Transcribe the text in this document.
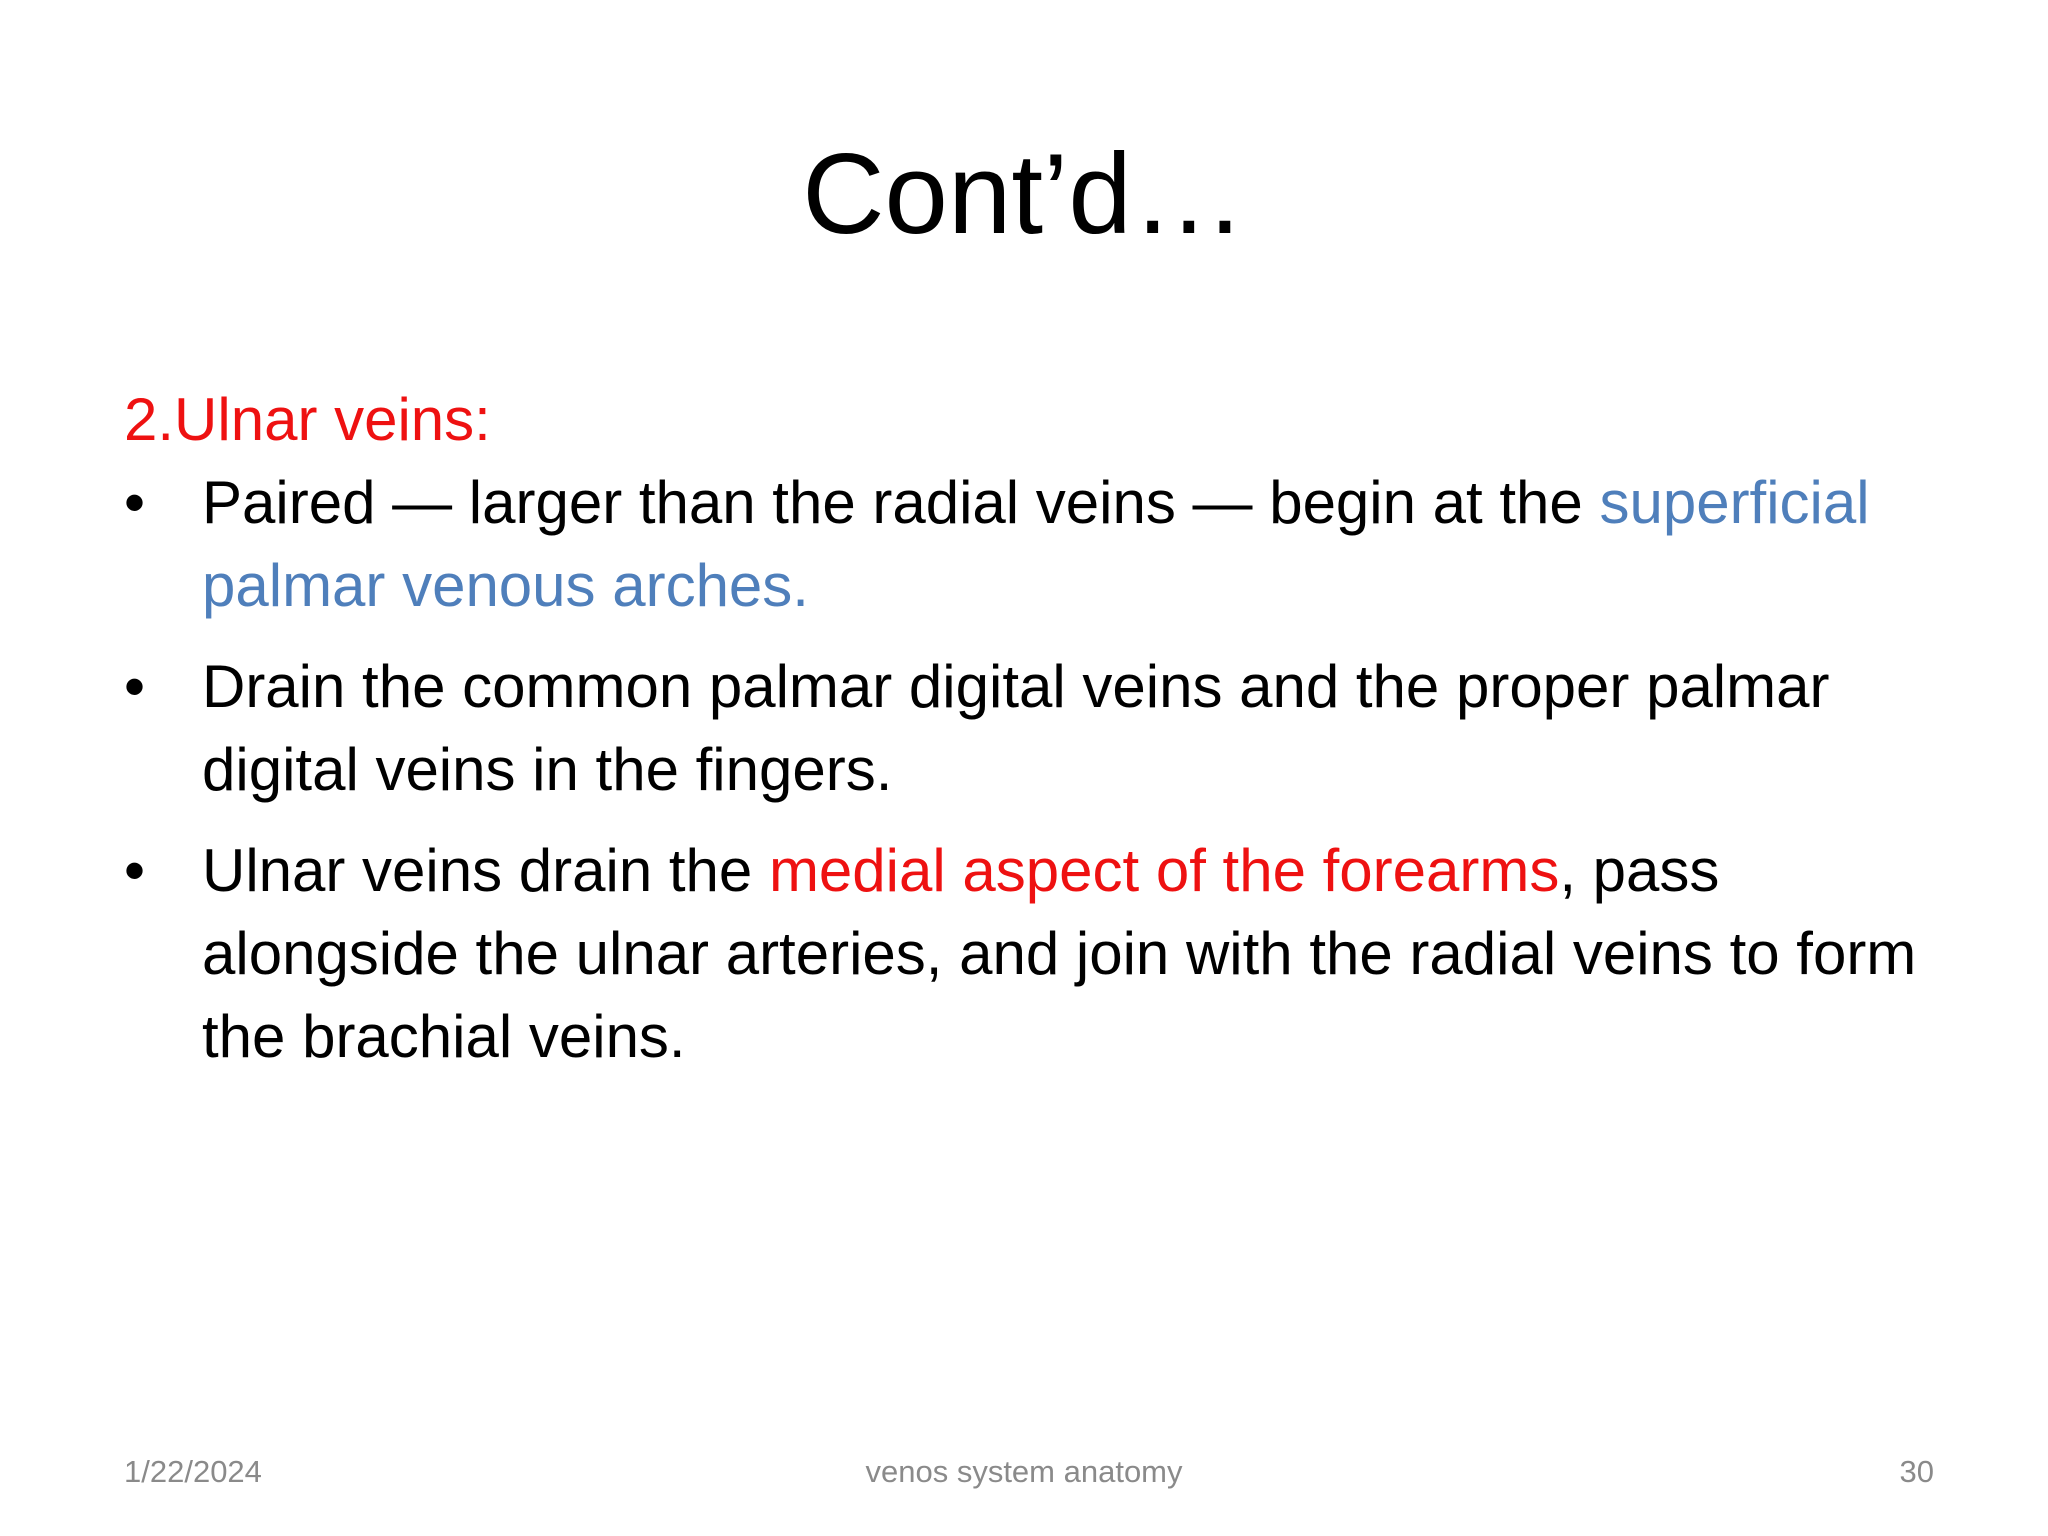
Cont’d…
2.Ulnar veins:
• Paired — larger than the radial veins — begin at the superficial palmar venous arches.
• Drain the common palmar digital veins and the proper palmar digital veins in the fingers.
• Ulnar veins drain the medial aspect of the forearms, pass alongside the ulnar arteries, and join with the radial veins to form the brachial veins.
1/22/2024	venos system anatomy	30
